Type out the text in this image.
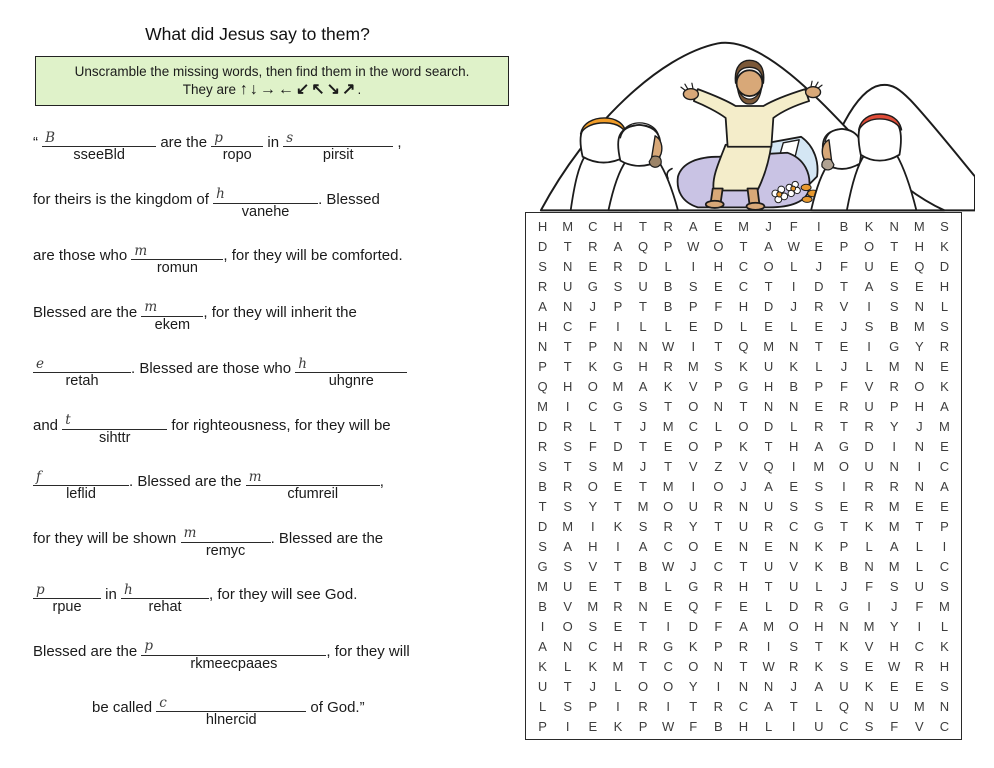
What did Jesus say to them?
Unscramble the missing words, then find them in the word search.
They are ↑↓→←↙↖↘↗.
“ B
sseeBld
are the p
ropo
in s
pirsit
,
for theirs is the kingdom of h
vanehe
. Blessed
are those who m
romun
, for they will be comforted.
Blessed are the m
ekem
, for they will inherit the
e
retah
. Blessed are those who h
uhgnre
and t
sihttr
for righteousness, for they will be
f
leflid
. Blessed are the m
cfumreil
,
for they will be shown m
remyc
. Blessed are the
p
rpue
in h
rehat
, for they will see God.
Blessed are the p
rkmeecpaaes
, for they will
be called c
hlnercid
of God.”
H	M	C	H	T	R	A	E	M	J	F	I	B	K	N	M	S
D	T	R	A	Q	P	W	O	T	A	W	E	P	O	T	H	K
S	N	E	R	D	L	I	H	C	O	L	J	F	U	E	Q	D
R	U	G	S	U	B	S	E	C	T	I	D	T	A	S	E	H
A	N	J	P	T	B	P	F	H	D	J	R	V	I	S	N	L
H	C	F	I	L	L	E	D	L	E	L	E	J	S	B	M	S
N	T	P	N	N	W	I	T	Q	M	N	T	E	I	G	Y	R
P	T	K	G	H	R	M	S	K	U	K	L	J	L	M	N	E
Q	H	O	M	A	K	V	P	G	H	B	P	F	V	R	O	K
M	I	C	G	S	T	O	N	T	N	N	E	R	U	P	H	A
D	R	L	T	J	M	C	L	O	D	L	R	T	R	Y	J	M
R	S	F	D	T	E	O	P	K	T	H	A	G	D	I	N	E
S	T	S	M	J	T	V	Z	V	Q	I	M	O	U	N	I	C
B	R	O	E	T	M	I	O	J	A	E	S	I	R	R	N	A
T	S	Y	T	M	O	U	R	N	U	S	S	E	R	M	E	E
D	M	I	K	S	R	Y	T	U	R	C	G	T	K	M	T	P
S	A	H	I	A	C	O	E	N	E	N	K	P	L	A	L	I
G	S	V	T	B	W	J	C	T	U	V	K	B	N	M	L	C
M	U	E	T	B	L	G	R	H	T	U	L	J	F	S	U	S
B	V	M	R	N	E	Q	F	E	L	D	R	G	I	J	F	M
I	O	S	E	T	I	D	F	A	M	O	H	N	M	Y	I	L
A	N	C	H	R	G	K	P	R	I	S	T	K	V	H	C	K
K	L	K	M	T	C	O	N	T	W	R	K	S	E	W	R	H
U	T	J	L	O	O	Y	I	N	N	J	A	U	K	E	E	S
L	S	P	I	R	I	T	R	C	A	T	L	Q	N	U	M	N
P	I	E	K	P	W	F	B	H	L	I	U	C	S	F	V	C
